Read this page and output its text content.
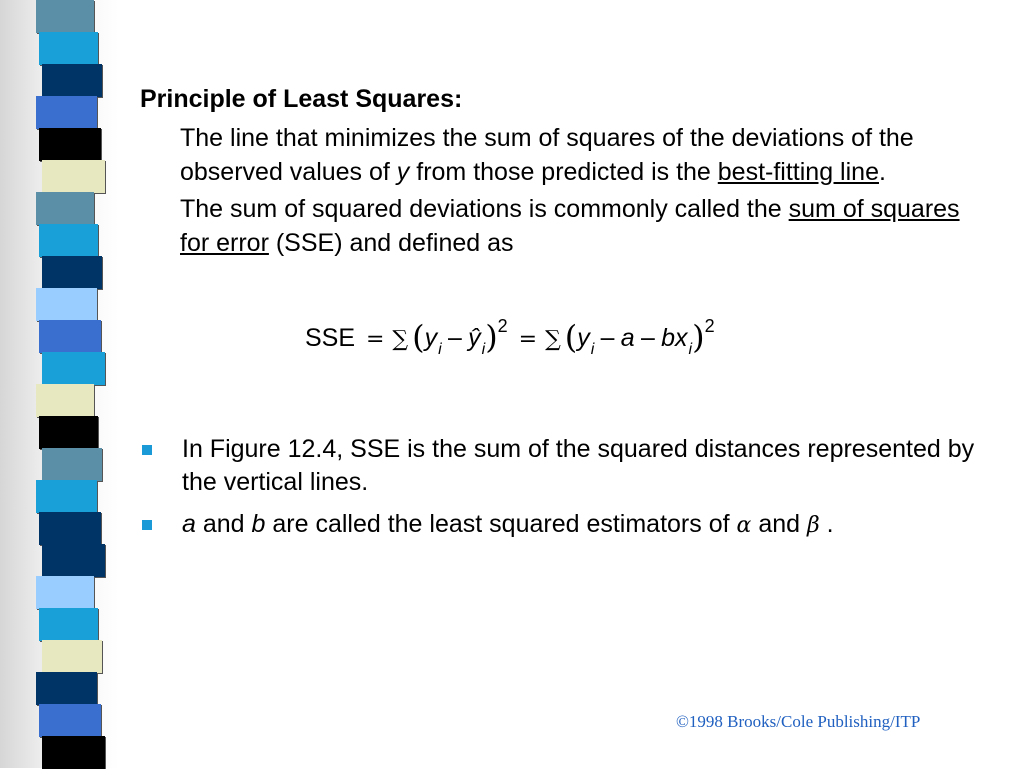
Principle of Least Squares:
The line that minimizes the sum of squares of the deviations of the observed values of y from those predicted is the best-fitting line.
The sum of squared deviations is commonly called the sum of squares for error (SSE) and defined as
SSE = ∑ ($y_i$ − $ŷ_i)^2$ = ∑ $(y_i - a - bx_i)^2$
In Figure 12.4, SSE is the sum of the squared distances represented by the vertical lines.
a and b are called the least squared estimators of α and β .
©1998 Brooks/Cole Publishing/ITP
